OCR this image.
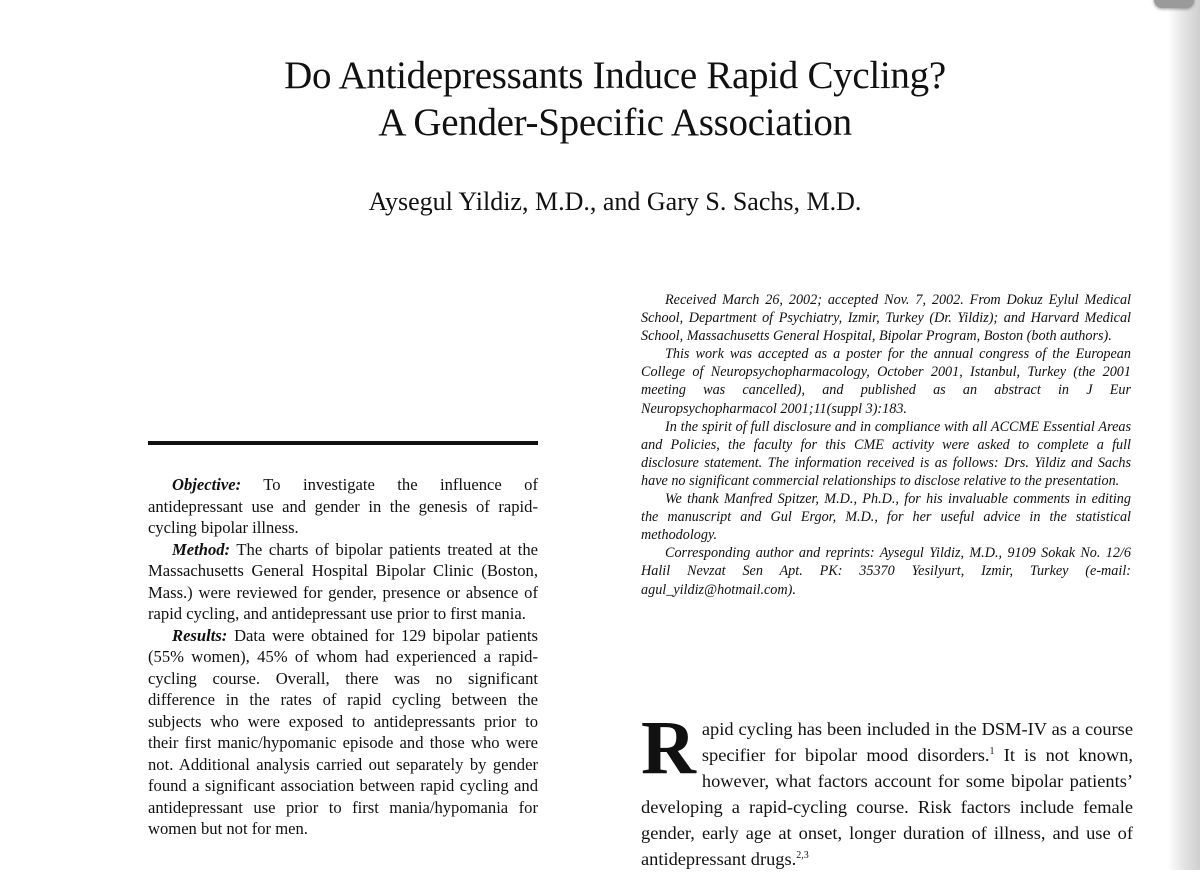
Do Antidepressants Induce Rapid Cycling?
A Gender-Specific Association
Aysegul Yildiz, M.D., and Gary S. Sachs, M.D.

Objective: To investigate the influence of antidepressant use and gender in the genesis of rapid-cycling bipolar illness.

Method: The charts of bipolar patients treated at the Massachusetts General Hospital Bipolar Clinic (Boston, Mass.) were reviewed for gender, presence or absence of rapid cycling, and antidepressant use prior to first mania.

Results: Data were obtained for 129 bipolar patients (55% women), 45% of whom had experienced a rapid-cycling course. Overall, there was no significant difference in the rates of rapid cycling between the subjects who were exposed to antidepressants prior to their first manic/hypomanic episode and those who were not. Additional analysis carried out separately by gender found a significant association between rapid cycling and antidepressant use prior to first mania/hypomania for women but not for men.

Received March 26, 2002; accepted Nov. 7, 2002. From Dokuz Eylul Medical School, Department of Psychiatry, Izmir, Turkey (Dr. Yildiz); and Harvard Medical School, Massachusetts General Hospital, Bipolar Program, Boston (both authors).

This work was accepted as a poster for the annual congress of the European College of Neuropsychopharmacology, October 2001, Istanbul, Turkey (the 2001 meeting was cancelled), and published as an abstract in J Eur Neuropsychopharmacol 2001;11(suppl 3):183.

In the spirit of full disclosure and in compliance with all ACCME Essential Areas and Policies, the faculty for this CME activity were asked to complete a full disclosure statement. The information received is as follows: Drs. Yildiz and Sachs have no significant commercial relationships to disclose relative to the presentation.

We thank Manfred Spitzer, M.D., Ph.D., for his invaluable comments in editing the manuscript and Gul Ergor, M.D., for her useful advice in the statistical methodology.

Corresponding author and reprints: Aysegul Yildiz, M.D., 9109 Sokak No. 12/6 Halil Nevzat Sen Apt. PK: 35370 Yesilyurt, Izmir, Turkey (e-mail: agul_yildiz@hotmail.com).

Rapid cycling has been included in the DSM-IV as a course specifier for bipolar mood disorders.$^1$ It is not known, however, what factors account for some bipolar patients’ developing a rapid-cycling course. Risk factors include female gender, early age at onset, longer duration of illness, and use of antidepressant drugs.$^{2,3}$
